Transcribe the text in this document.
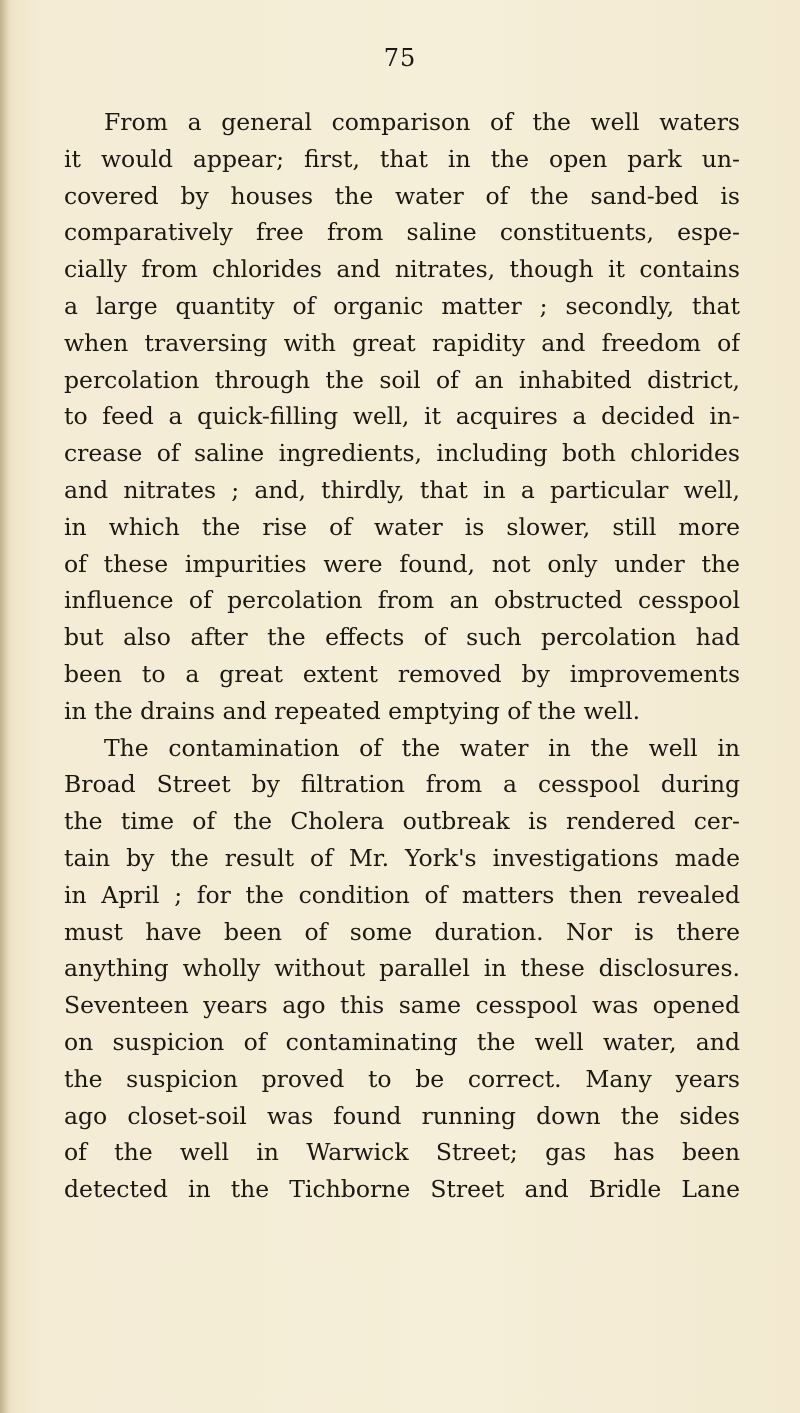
75
From a general comparison of the well waters
it would appear; first, that in the open park un-
covered by houses the water of the sand-bed is
comparatively free from saline constituents, espe-
cially from chlorides and nitrates, though it contains
a large quantity of organic matter ; secondly, that
when traversing with great rapidity and freedom of
percolation through the soil of an inhabited district,
to feed a quick-filling well, it acquires a decided in-
crease of saline ingredients, including both chlorides
and nitrates ; and, thirdly, that in a particular well,
in which the rise of water is slower, still more
of these impurities were found, not only under the
influence of percolation from an obstructed cesspool
but also after the effects of such percolation had
been to a great extent removed by improvements
in the drains and repeated emptying of the well.
The contamination of the water in the well in
Broad Street by filtration from a cesspool during
the time of the Cholera outbreak is rendered cer-
tain by the result of Mr. York's investigations made
in April ; for the condition of matters then revealed
must have been of some duration. Nor is there
anything wholly without parallel in these disclosures.
Seventeen years ago this same cesspool was opened
on suspicion of contaminating the well water, and
the suspicion proved to be correct. Many years
ago closet-soil was found running down the sides
of the well in Warwick Street; gas has been
detected in the Tichborne Street and Bridle Lane
